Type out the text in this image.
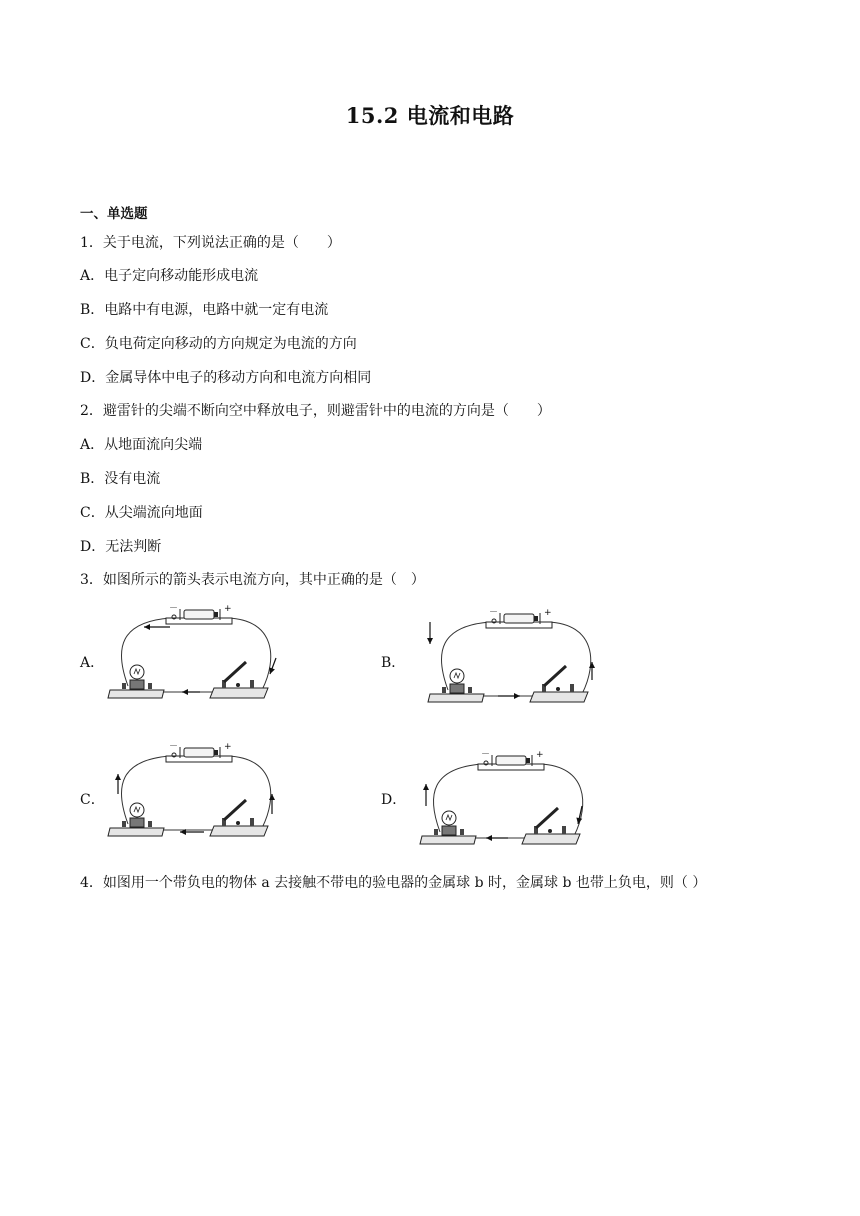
15.2 电流和电路
一、单选题
1．关于电流，下列说法正确的是（　　）
A．电子定向移动能形成电流
B．电路中有电源，电路中就一定有电流
C．负电荷定向移动的方向规定为电流的方向
D．金属导体中电子的移动方向和电流方向相同
2．避雷针的尖端不断向空中释放电子，则避雷针中的电流的方向是（　　）
A．从地面流向尖端
B．没有电流
C．从尖端流向地面
D．无法判断
3．如图所示的箭头表示电流方向，其中正确的是（　）
A．	B．
C．	D．
－	+	－	+
－	+
－	+
4．如图用一个带负电的物体 a 去接触不带电的验电器的金属球 b 时，金属球 b 也带上负电，则（ ）
